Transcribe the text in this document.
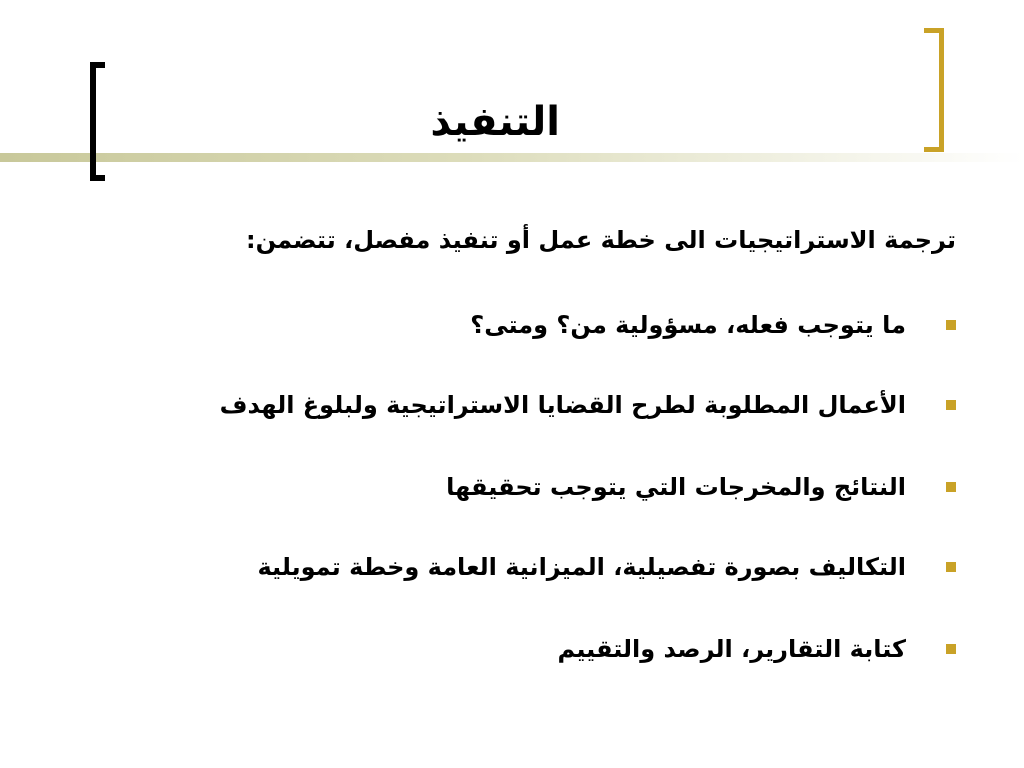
التنفيذ
ترجمة الاستراتيجيات الى خطة عمل أو تنفيذ مفصل، تتضمن:
ما يتوجب فعله، مسؤولية من؟ ومتى؟
الأعمال المطلوبة لطرح القضايا الاستراتيجية ولبلوغ الهدف
النتائج والمخرجات التي يتوجب تحقيقها
التكاليف بصورة تفصيلية، الميزانية العامة وخطة تمويلية
كتابة التقارير، الرصد والتقييم
